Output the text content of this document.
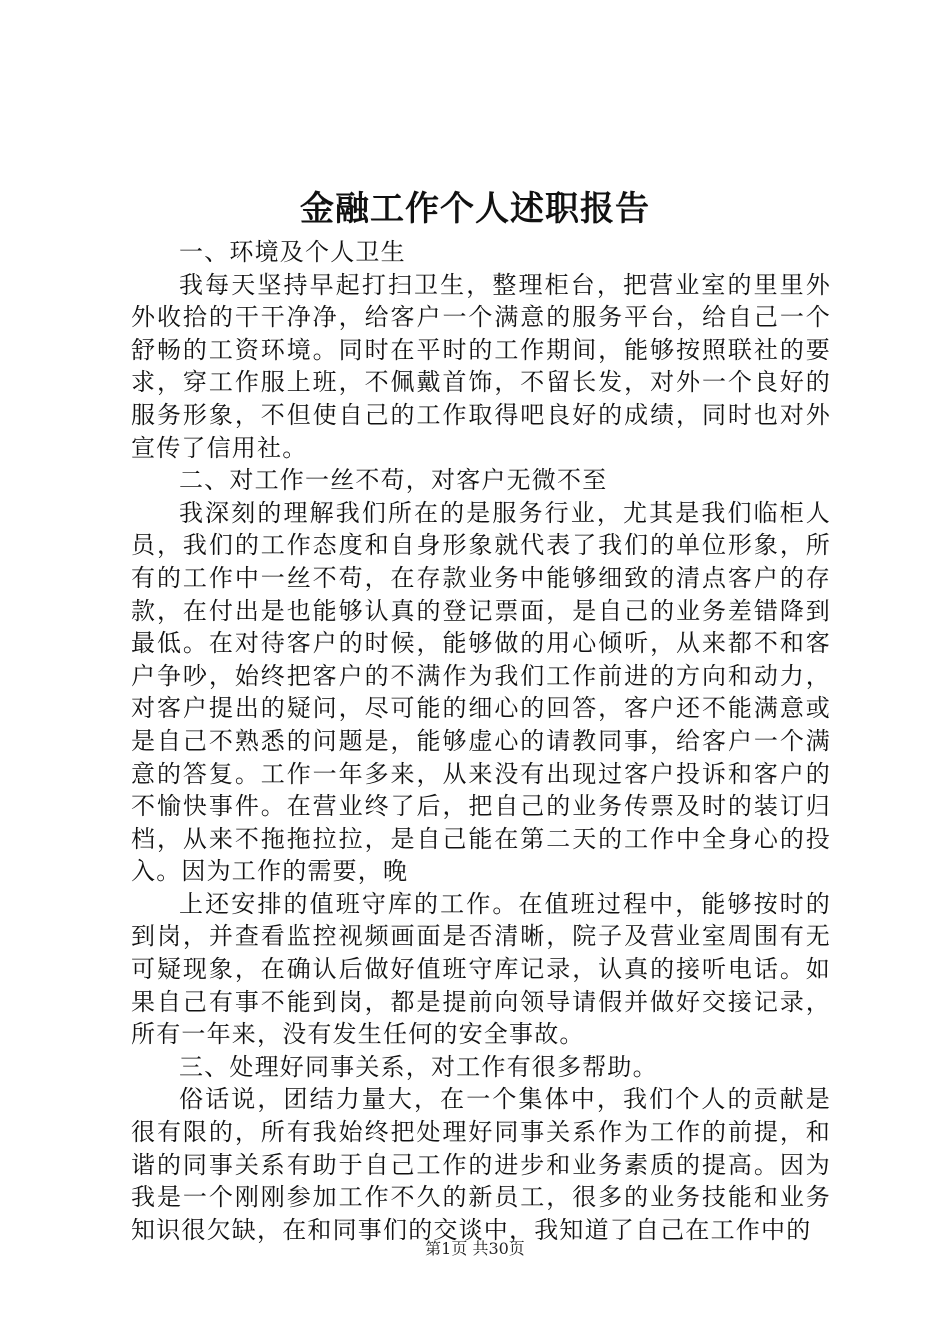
金融工作个人述职报告

一、环境及个人卫生

我每天坚持早起打扫卫生，整理柜台，把营业室的里里外外收拾的干干净净，给客户一个满意的服务平台，给自己一个舒畅的工资环境。同时在平时的工作期间，能够按照联社的要求，穿工作服上班，不佩戴首饰，不留长发，对外一个良好的服务形象，不但使自己的工作取得吧良好的成绩，同时也对外宣传了信用社。

二、对工作一丝不苟，对客户无微不至

我深刻的理解我们所在的是服务行业，尤其是我们临柜人员，我们的工作态度和自身形象就代表了我们的单位形象，所有的工作中一丝不苟，在存款业务中能够细致的清点客户的存款，在付出是也能够认真的登记票面，是自己的业务差错降到最低。在对待客户的时候，能够做的用心倾听，从来都不和客户争吵，始终把客户的不满作为我们工作前进的方向和动力，对客户提出的疑问，尽可能的细心的回答，客户还不能满意或是自己不熟悉的问题是，能够虚心的请教同事，给客户一个满意的答复。工作一年多来，从来没有出现过客户投诉和客户的不愉快事件。在营业终了后，把自己的业务传票及时的装订归档，从来不拖拖拉拉，是自己能在第二天的工作中全身心的投入。因为工作的需要，晚

上还安排的值班守库的工作。在值班过程中，能够按时的到岗，并查看监控视频画面是否清晰，院子及营业室周围有无可疑现象，在确认后做好值班守库记录，认真的接听电话。如果自己有事不能到岗，都是提前向领导请假并做好交接记录，所有一年来，没有发生任何的安全事故。

三、处理好同事关系，对工作有很多帮助。

俗话说，团结力量大，在一个集体中，我们个人的贡献是很有限的，所有我始终把处理好同事关系作为工作的前提，和谐的同事关系有助于自己工作的进步和业务素质的提高。因为我是一个刚刚参加工作不久的新员工，很多的业务技能和业务知识很欠缺，在和同事们的交谈中，我知道了自己在工作中的

第1页 共30页
